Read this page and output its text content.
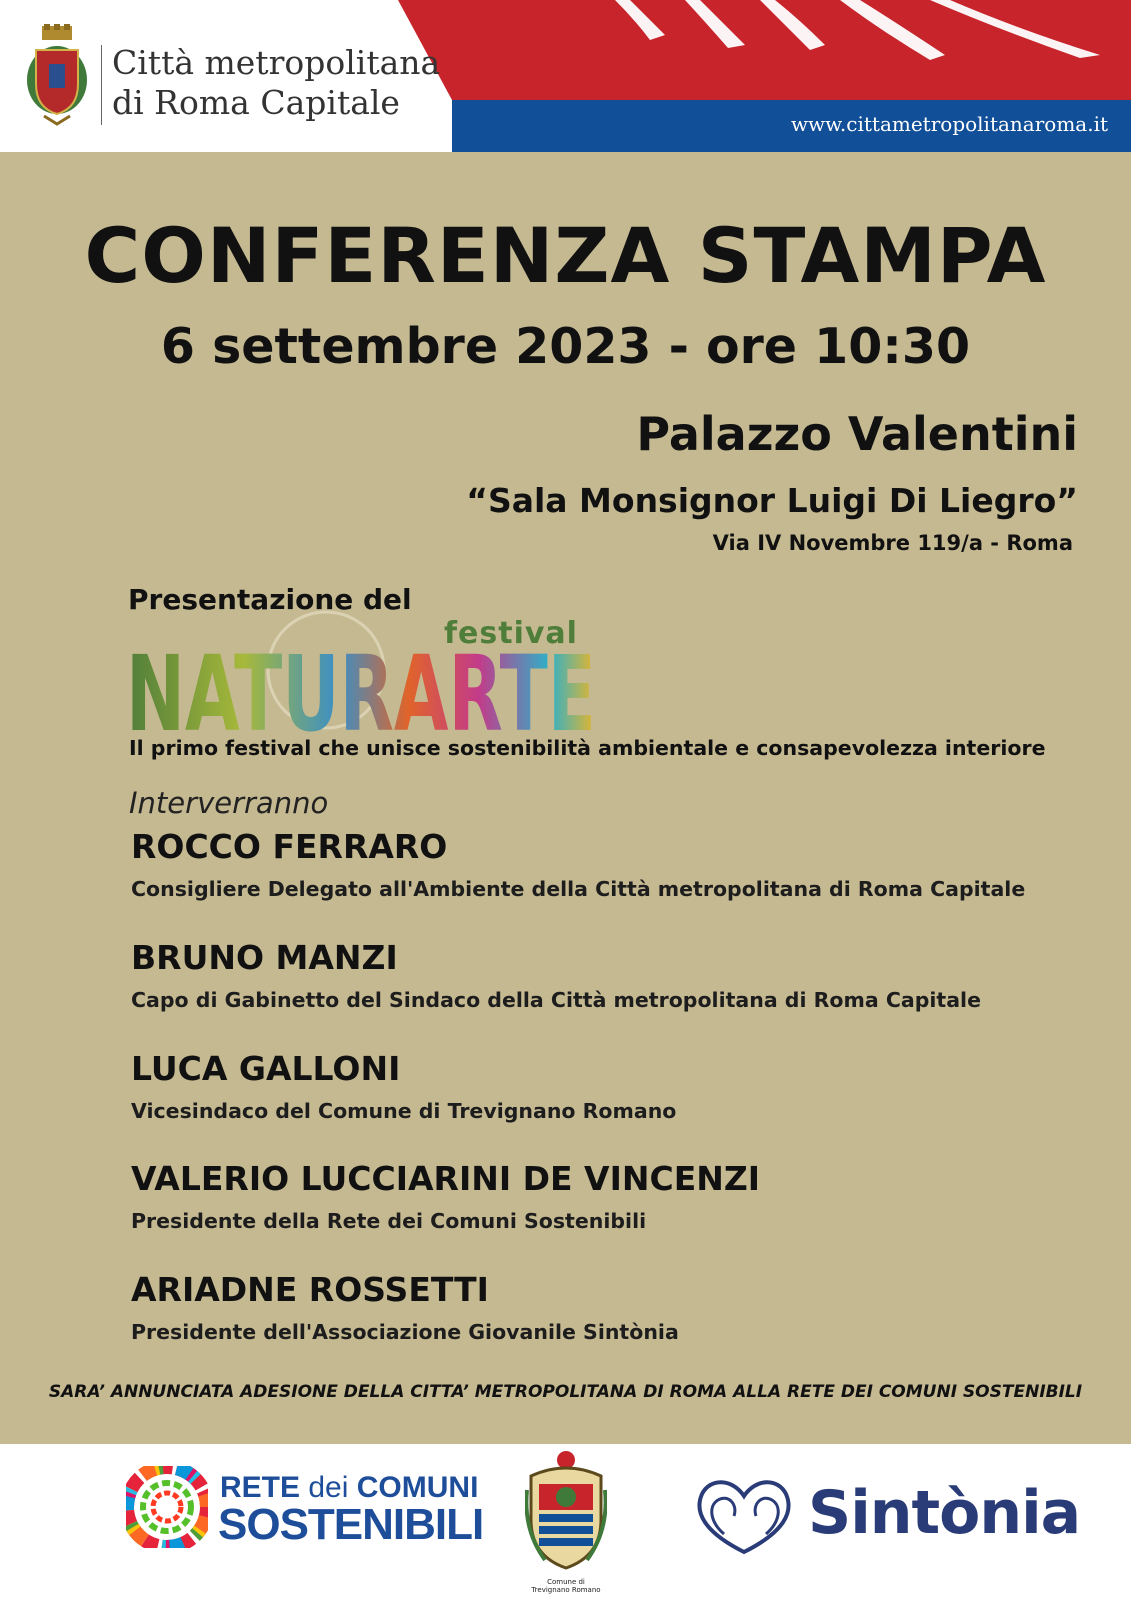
Città metropolitana
di Roma Capitale
www.cittametropolitanaroma.it
CONFERENZA STAMPA
6 settembre 2023 - ore 10:30
Palazzo Valentini
“Sala Monsignor Luigi Di Liegro”
Via IV Novembre 119/a - Roma
Presentazione del
NATURARTE
festival
Il primo festival che unisce sostenibilità ambientale e consapevolezza interiore
Interverranno
ROCCO FERRARO
Consigliere Delegato all'Ambiente della Città metropolitana di Roma Capitale
BRUNO MANZI
Capo di Gabinetto del Sindaco della Città metropolitana di Roma Capitale
LUCA GALLONI
Vicesindaco del Comune di Trevignano Romano
VALERIO LUCCIARINI DE VINCENZI
Presidente della Rete dei Comuni Sostenibili
ARIADNE ROSSETTI
Presidente dell'Associazione Giovanile Sintònia
SARA’ ANNUNCIATA ADESIONE DELLA CITTA’ METROPOLITANA DI ROMA ALLA RETE DEI COMUNI SOSTENIBILI
RETE dei COMUNI
SOSTENIBILI
Comune di
Trevignano Romano
Sintònia
